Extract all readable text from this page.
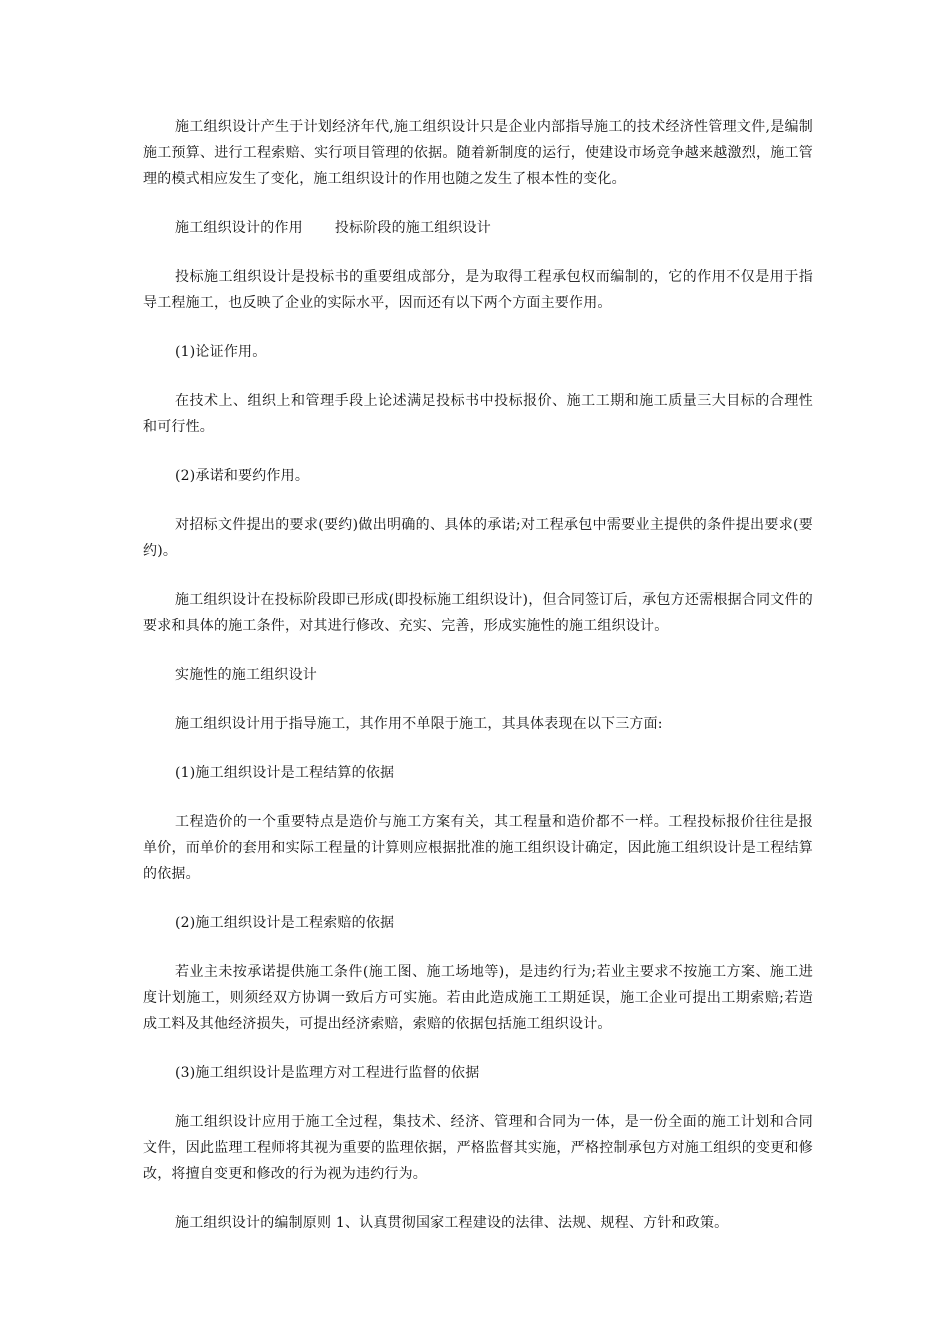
施工组织设计产生于计划经济年代,施工组织设计只是企业内部指导施工的技术经济性管理文件,是编制施工预算、进行工程索赔、实行项目管理的依据。随着新制度的运行，使建设市场竞争越来越激烈，施工管理的模式相应发生了变化，施工组织设计的作用也随之发生了根本性的变化。

施工组织设计的作用 投标阶段的施工组织设计

投标施工组织设计是投标书的重要组成部分，是为取得工程承包权而编制的，它的作用不仅是用于指导工程施工，也反映了企业的实际水平，因而还有以下两个方面主要作用。

(1)论证作用。

在技术上、组织上和管理手段上论述满足投标书中投标报价、施工工期和施工质量三大目标的合理性和可行性。

(2)承诺和要约作用。

对招标文件提出的要求(要约)做出明确的、具体的承诺;对工程承包中需要业主提供的条件提出要求(要约)。

施工组织设计在投标阶段即已形成(即投标施工组织设计)，但合同签订后，承包方还需根据合同文件的要求和具体的施工条件，对其进行修改、充实、完善，形成实施性的施工组织设计。

实施性的施工组织设计

施工组织设计用于指导施工，其作用不单限于施工，其具体表现在以下三方面:

(1)施工组织设计是工程结算的依据

工程造价的一个重要特点是造价与施工方案有关，其工程量和造价都不一样。工程投标报价往往是报单价，而单价的套用和实际工程量的计算则应根据批准的施工组织设计确定，因此施工组织设计是工程结算的依据。

(2)施工组织设计是工程索赔的依据

若业主未按承诺提供施工条件(施工图、施工场地等)，是违约行为;若业主要求不按施工方案、施工进度计划施工，则须经双方协调一致后方可实施。若由此造成施工工期延误，施工企业可提出工期索赔;若造成工料及其他经济损失，可提出经济索赔，索赔的依据包括施工组织设计。

(3)施工组织设计是监理方对工程进行监督的依据

施工组织设计应用于施工全过程，集技术、经济、管理和合同为一体，是一份全面的施工计划和合同文件，因此监理工程师将其视为重要的监理依据，严格监督其实施，严格控制承包方对施工组织的变更和修改，将擅自变更和修改的行为视为违约行为。

施工组织设计的编制原则 1、认真贯彻国家工程建设的法律、法规、规程、方针和政策。
